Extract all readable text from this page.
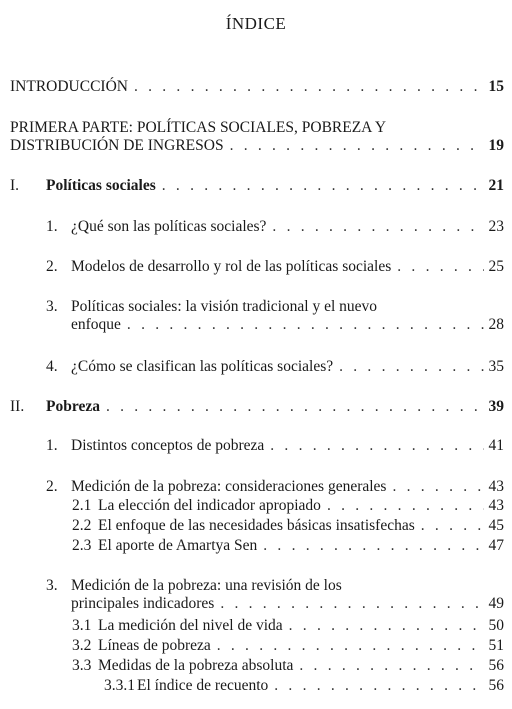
ÍNDICE
INTRODUCCIÓN . . .	15
PRIMERA PARTE: POLÍTICAS SOCIALES, POBREZA Y
DISTRIBUCIÓN DE INGRESOS . . .	19
I.	Políticas sociales . . .	21
1. ¿Qué son las políticas sociales? . . .	23
2. Modelos de desarrollo y rol de las políticas sociales . . .	25
3. Políticas sociales: la visión tradicional y el nuevo
enfoque . . .	28
4. ¿Cómo se clasifican las políticas sociales? . . .	35
II.	Pobreza . . .	39
1. Distintos conceptos de pobreza . . .	41
2. Medición de la pobreza: consideraciones generales . . .	43
2.1 La elección del indicador apropiado . . .	43
2.2 El enfoque de las necesidades básicas insatisfechas . . .	45
2.3 El aporte de Amartya Sen . . .	47
3. Medición de la pobreza: una revisión de los
principales indicadores . . .	49
3.1 La medición del nivel de vida . . .	50
3.2 Líneas de pobreza . . .	51
3.3 Medidas de la pobreza absoluta . . .	56
3.3.1 El índice de recuento . . .	56
